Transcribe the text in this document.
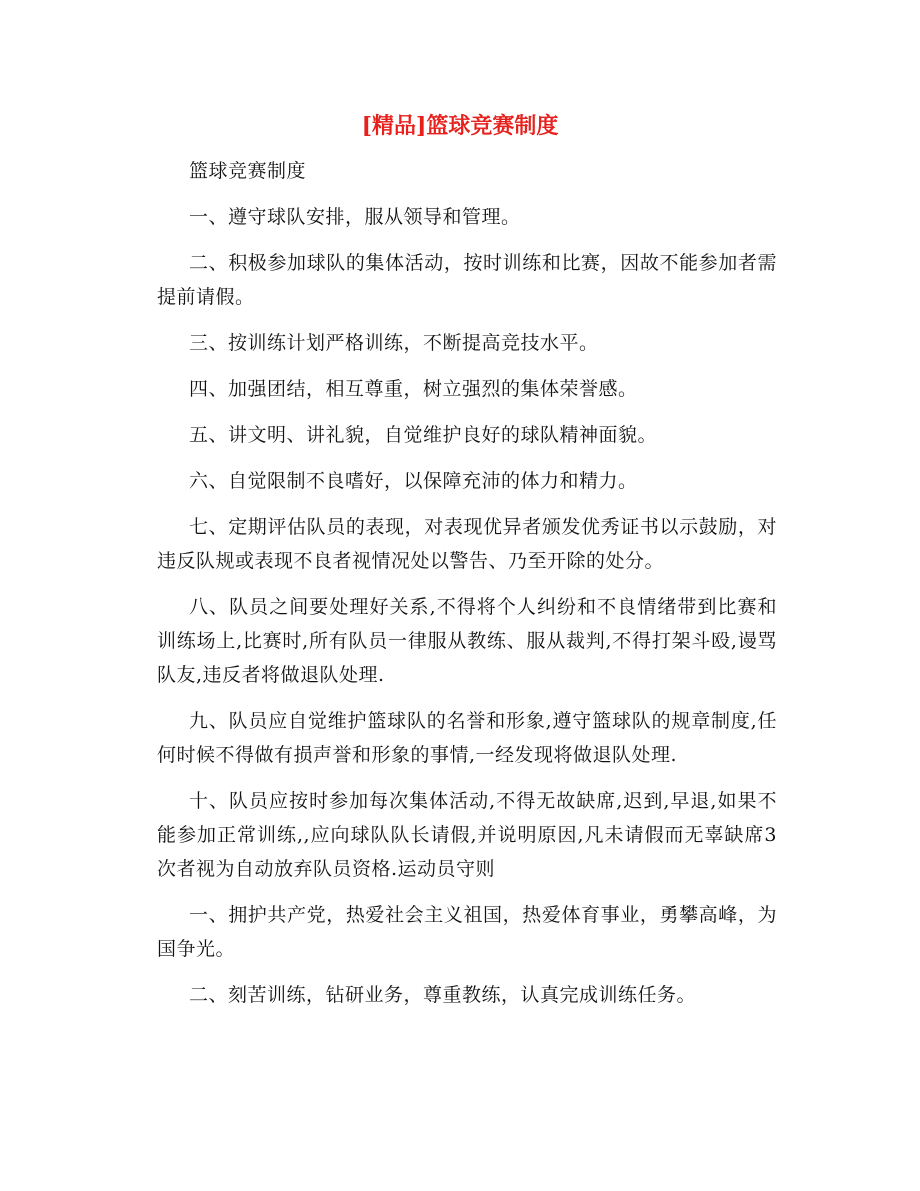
[精品]篮球竞赛制度

篮球竞赛制度

一、遵守球队安排，服从领导和管理。

二、积极参加球队的集体活动，按时训练和比赛，因故不能参加者需提前请假。

三、按训练计划严格训练，不断提高竞技水平。

四、加强团结，相互尊重，树立强烈的集体荣誉感。

五、讲文明、讲礼貌，自觉维护良好的球队精神面貌。

六、自觉限制不良嗜好，以保障充沛的体力和精力。

七、定期评估队员的表现，对表现优异者颁发优秀证书以示鼓励，对违反队规或表现不良者视情况处以警告、乃至开除的处分。

八、队员之间要处理好关系,不得将个人纠纷和不良情绪带到比赛和训练场上,比赛时,所有队员一律服从教练、服从裁判,不得打架斗殴,谩骂队友,违反者将做退队处理.

九、队员应自觉维护篮球队的名誉和形象,遵守篮球队的规章制度,任何时候不得做有损声誉和形象的事情,一经发现将做退队处理.

十、队员应按时参加每次集体活动,不得无故缺席,迟到,早退,如果不能参加正常训练,,应向球队队长请假,并说明原因,凡未请假而无辜缺席3次者视为自动放弃队员资格.运动员守则

一、拥护共产党，热爱社会主义祖国，热爱体育事业，勇攀高峰，为国争光。

二、刻苦训练，钻研业务，尊重教练，认真完成训练任务。
